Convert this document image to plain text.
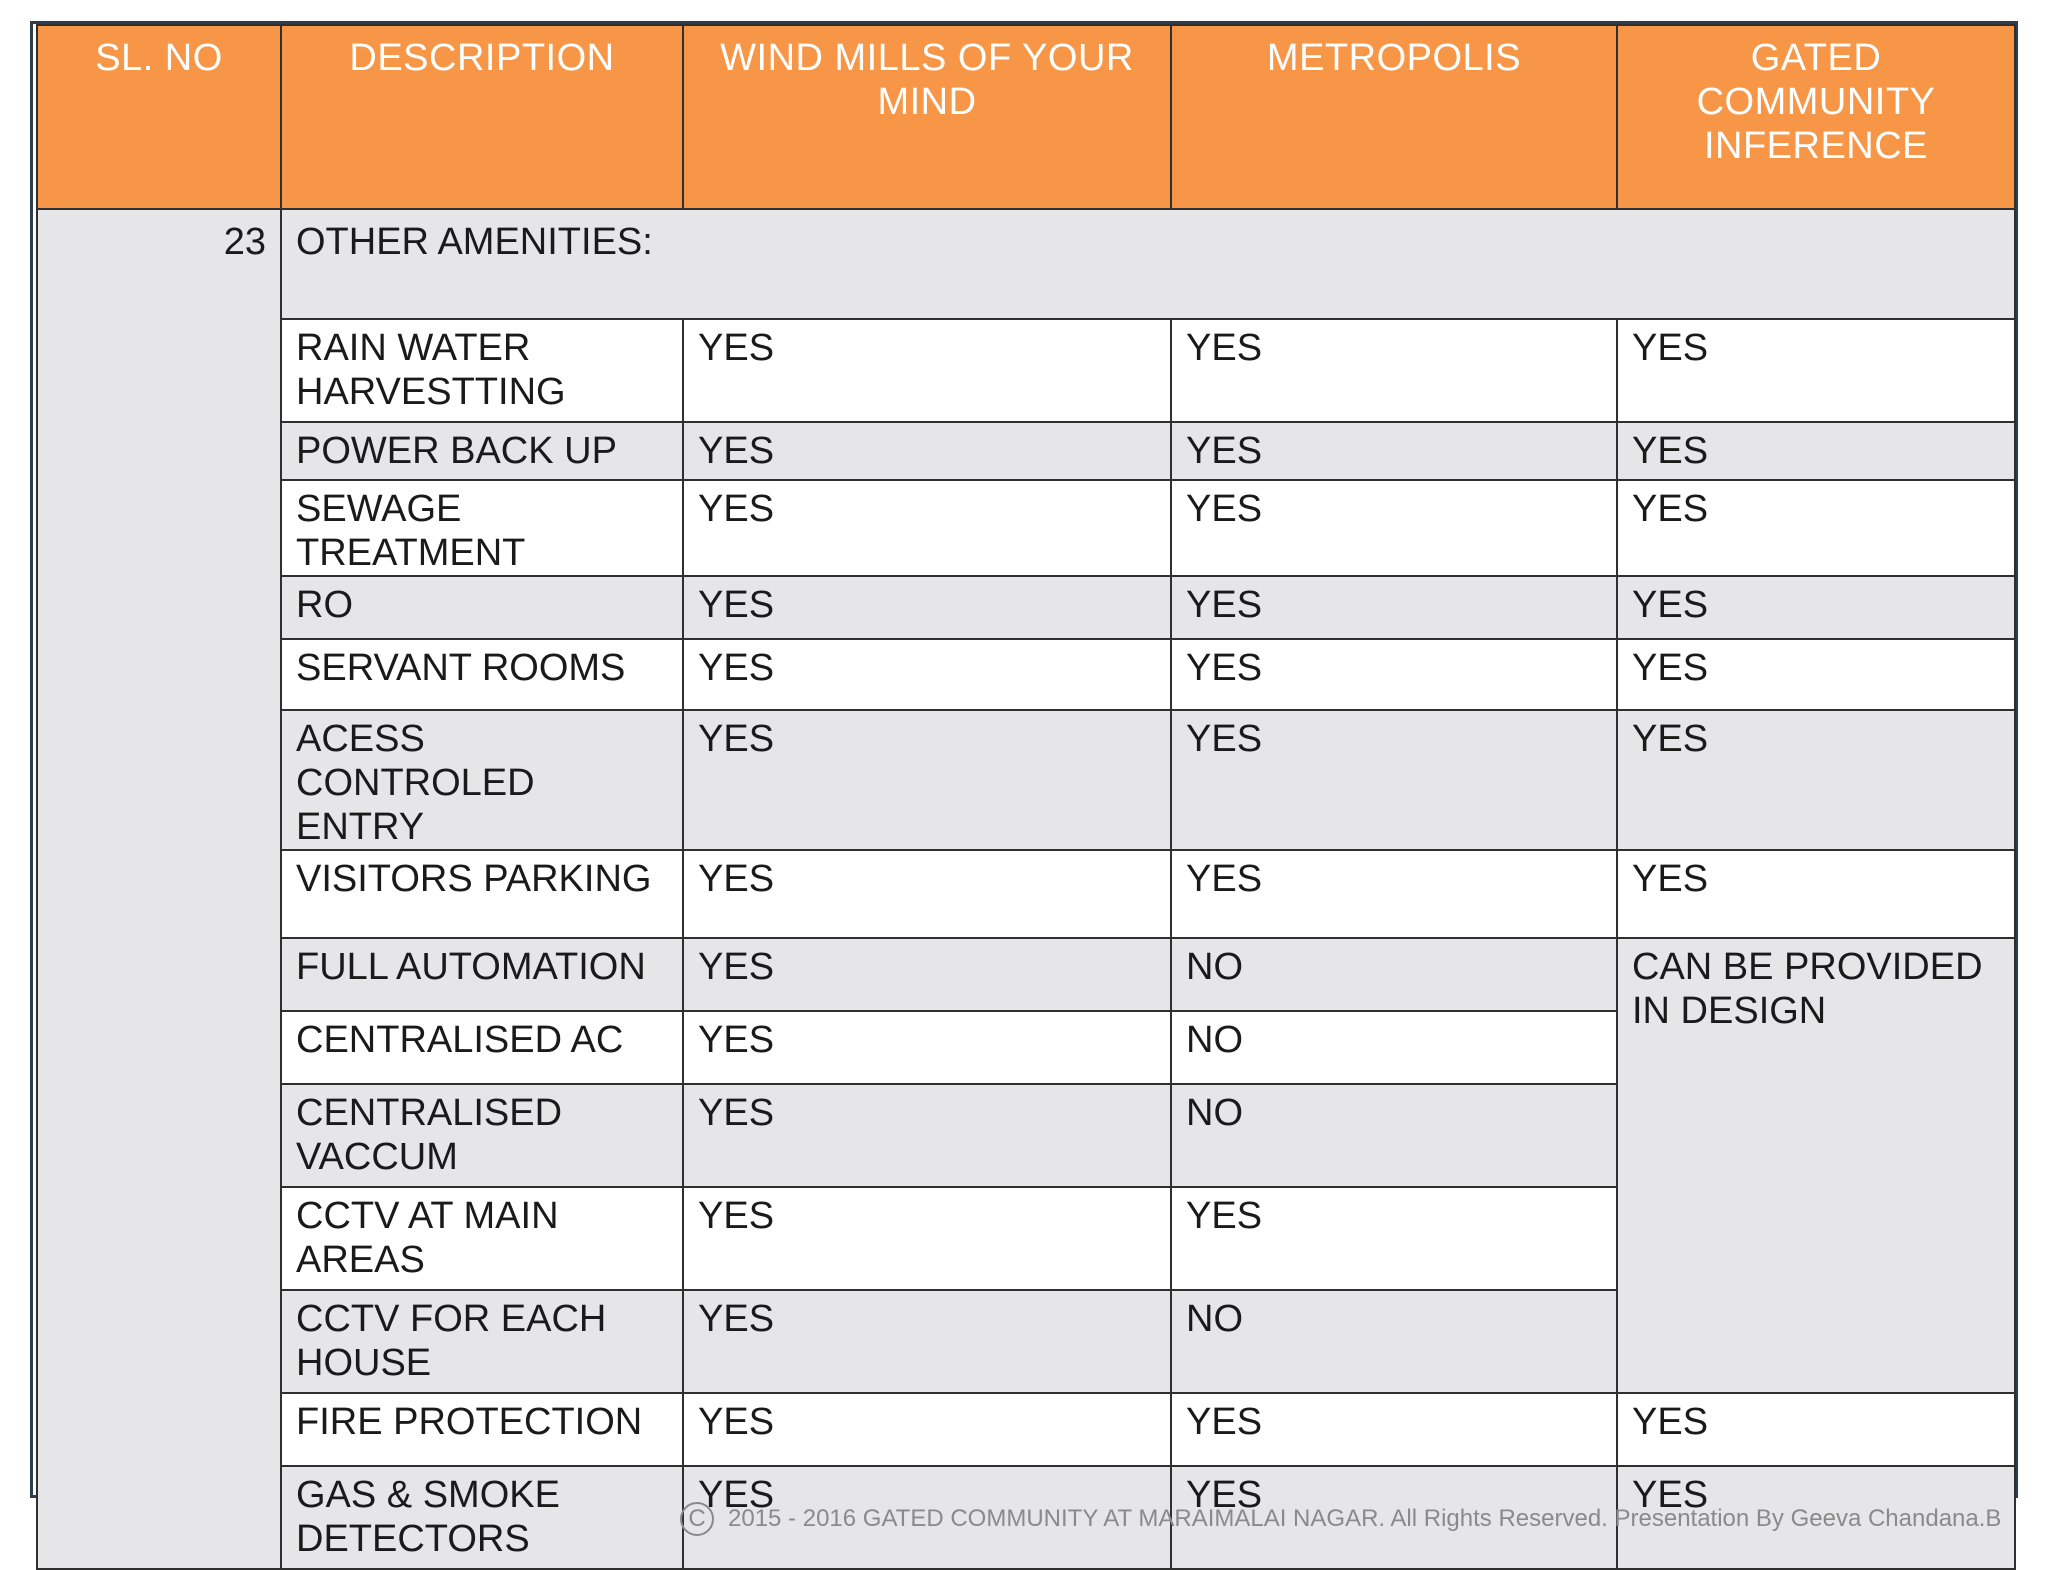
SL. NO	DESCRIPTION	WIND MILLS OF YOUR MIND	METROPOLIS	GATED COMMUNITY INFERENCE
23	OTHER AMENITIES:			
	RAIN WATER HARVESTTING	YES	YES	YES
	POWER BACK UP	YES	YES	YES
	SEWAGE TREATMENT	YES	YES	YES
	RO	YES	YES	YES
	SERVANT ROOMS	YES	YES	YES
	ACESS CONTROLED ENTRY	YES	YES	YES
	VISITORS PARKING	YES	YES	YES
	FULL AUTOMATION	YES	NO	CAN BE PROVIDED IN DESIGN
	CENTRALISED AC	YES	NO	
	CENTRALISED VACCUM	YES	NO	
	CCTV AT MAIN AREAS	YES	YES	
	CCTV FOR EACH HOUSE	YES	NO	
	FIRE PROTECTION	YES	YES	YES
	GAS & SMOKE DETECTORS	YES	YES	YES
C 2015 - 2016 GATED COMMUNITY AT MARAIMALAI NAGAR. All Rights Reserved. Presentation By Geeva Chandana.B
